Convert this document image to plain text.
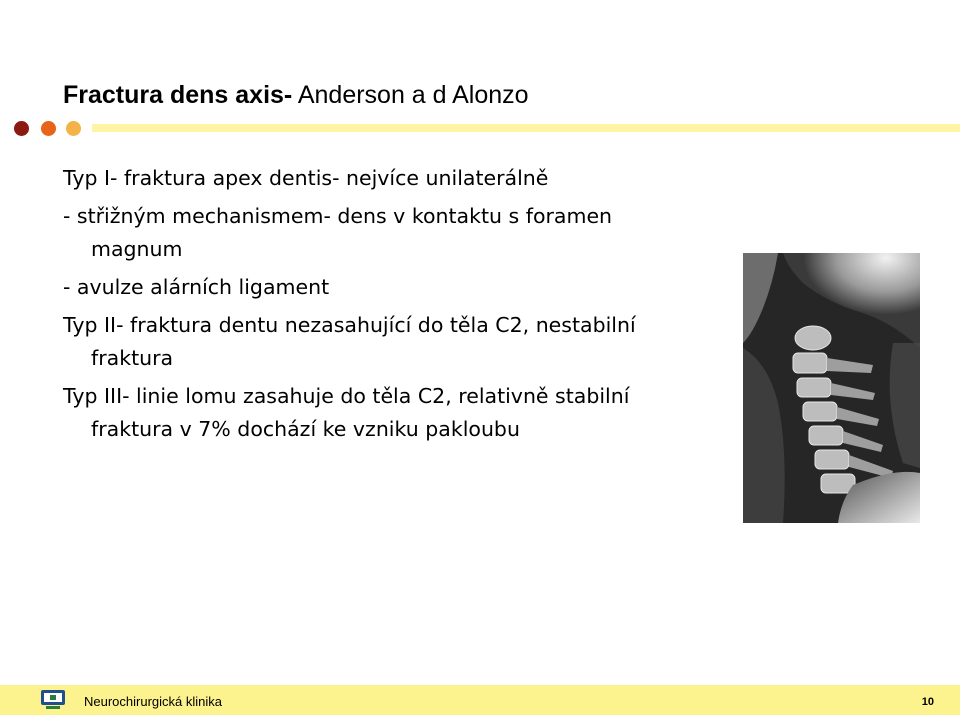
Fractura dens axis- Anderson a d Alonzo
Typ I- fraktura apex dentis- nejvíce unilaterálně
- střižným mechanismem- dens v kontaktu s foramen
magnum
- avulze alárních ligament
Typ II- fraktura dentu nezasahující do těla C2, nestabilní
fraktura
Typ III- linie lomu zasahuje do těla C2, relativně stabilní
fraktura v 7% dochází ke vzniku pakloubu
Neurochirurgická klinika	10
